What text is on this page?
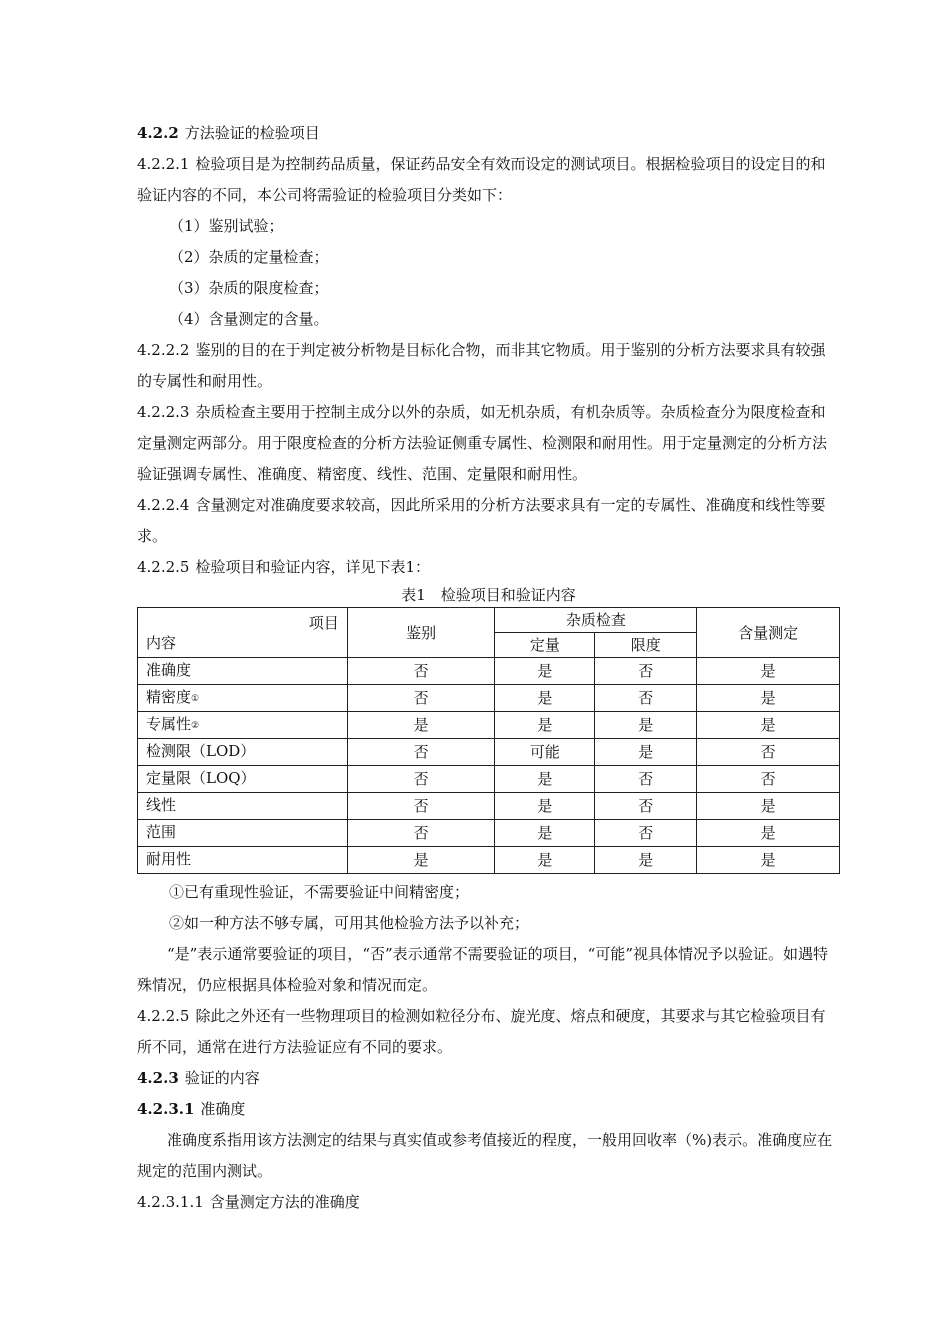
4.2.2 方法验证的检验项目

4.2.2.1 检验项目是为控制药品质量，保证药品安全有效而设定的测试项目。根据检验项目的设定目的和验证内容的不同，本公司将需验证的检验项目分类如下：

（1）鉴别试验；

（2）杂质的定量检查；

（3）杂质的限度检查；

（4）含量测定的含量。

4.2.2.2 鉴别的目的在于判定被分析物是目标化合物，而非其它物质。用于鉴别的分析方法要求具有较强的专属性和耐用性。

4.2.2.3 杂质检查主要用于控制主成分以外的杂质，如无机杂质，有机杂质等。杂质检查分为限度检查和定量测定两部分。用于限度检查的分析方法验证侧重专属性、检测限和耐用性。用于定量测定的分析方法验证强调专属性、准确度、精密度、线性、范围、定量限和耐用性。

4.2.2.4 含量测定对准确度要求较高，因此所采用的分析方法要求具有一定的专属性、准确度和线性等要求。

4.2.2.5 检验项目和验证内容，详见下表1：

表1　检验项目和验证内容

项目
内容	鉴别	杂质检查		含量测定
		定量	限度	
准确度	否	是	否	是
精密度①	否	是	否	是
专属性②	是	是	是	是
检测限（LOD）	否	可能	是	否
定量限（LOQ）	否	是	否	否
线性	否	是	否	是
范围	否	是	否	是
耐用性	是	是	是	是

①已有重现性验证，不需要验证中间精密度；

②如一种方法不够专属，可用其他检验方法予以补充；

“是”表示通常要验证的项目，“否”表示通常不需要验证的项目，“可能”视具体情况予以验证。如遇特殊情况，仍应根据具体检验对象和情况而定。

4.2.2.5 除此之外还有一些物理项目的检测如粒径分布、旋光度、熔点和硬度，其要求与其它检验项目有所不同，通常在进行方法验证应有不同的要求。

4.2.3 验证的内容

4.2.3.1 准确度

准确度系指用该方法测定的结果与真实值或参考值接近的程度，一般用回收率（%)表示。准确度应在规定的范围内测试。

4.2.3.1.1 含量测定方法的准确度
